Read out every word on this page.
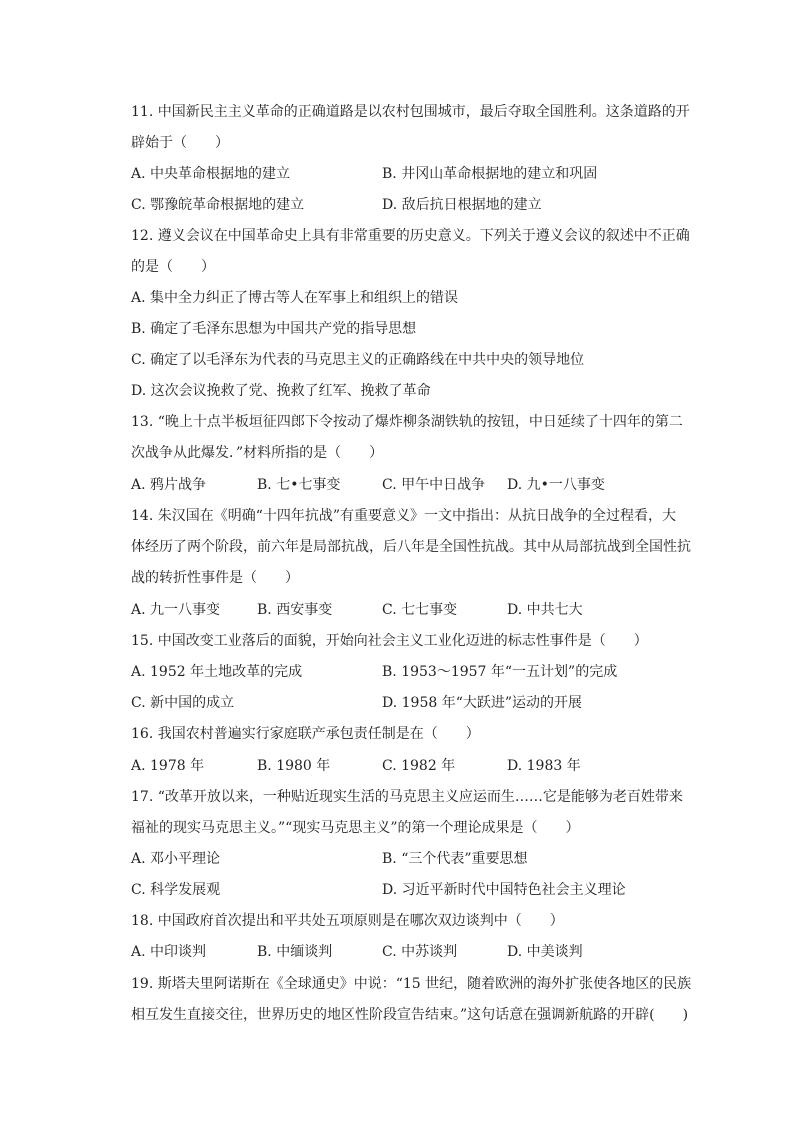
11. 中国新民主主义革命的正确道路是以农村包围城市，最后夺取全国胜利。这条道路的开
辟始于（　　）
A. 中央革命根据地的建立	B. 井冈山革命根据地的建立和巩固
C. 鄂豫皖革命根据地的建立	D. 敌后抗日根据地的建立
12. 遵义会议在中国革命史上具有非常重要的历史意义。下列关于遵义会议的叙述中不正确
的是（　　）
A. 集中全力纠正了博古等人在军事上和组织上的错误
B. 确定了毛泽东思想为中国共产党的指导思想
C. 确定了以毛泽东为代表的马克思主义的正确路线在中共中央的领导地位
D. 这次会议挽救了党、挽救了红军、挽救了革命
13. “晚上十点半板垣征四郎下令按动了爆炸柳条湖铁轨的按钮，中日延续了十四年的第二
次战争从此爆发．”材料所指的是（　　）
A. 鸦片战争	B. 七•七事变	C. 甲午中日战争 D. 九•一八事变
14. 朱汉国在《明确“十四年抗战”有重要意义》一文中指出：从抗日战争的全过程看，大
体经历了两个阶段，前六年是局部抗战，后八年是全国性抗战。其中从局部抗战到全国性抗
战的转折性事件是（　　）
A. 九一八事变	B. 西安事变	C. 七七事变	D. 中共七大
15. 中国改变工业落后的面貌，开始向社会主义工业化迈进的标志性事件是（　　）
A. 1952 年土地改革的完成	B. 1953～1957 年“一五计划”的完成
C. 新中国的成立	D. 1958 年“大跃进”运动的开展
16. 我国农村普遍实行家庭联产承包责任制是在（　　）
A. 1978 年	B. 1980 年	C. 1982 年	D. 1983 年
17. “改革开放以来，一种贴近现实生活的马克思主义应运而生……它是能够为老百姓带来
福祉的现实马克思主义。”“现实马克思主义”的第一个理论成果是（　　）
A. 邓小平理论	B. “三个代表”重要思想
C. 科学发展观	D. 习近平新时代中国特色社会主义理论
18. 中国政府首次提出和平共处五项原则是在哪次双边谈判中（　　）
A. 中印谈判	B. 中缅谈判	C. 中苏谈判	D. 中美谈判
19. 斯塔夫里阿诺斯在《全球通史》中说：“15 世纪，随着欧洲的海外扩张使各地区的民族
相互发生直接交往，世界历史的地区性阶段宣告结束。”这句话意在强调新航路的开辟(　　)
